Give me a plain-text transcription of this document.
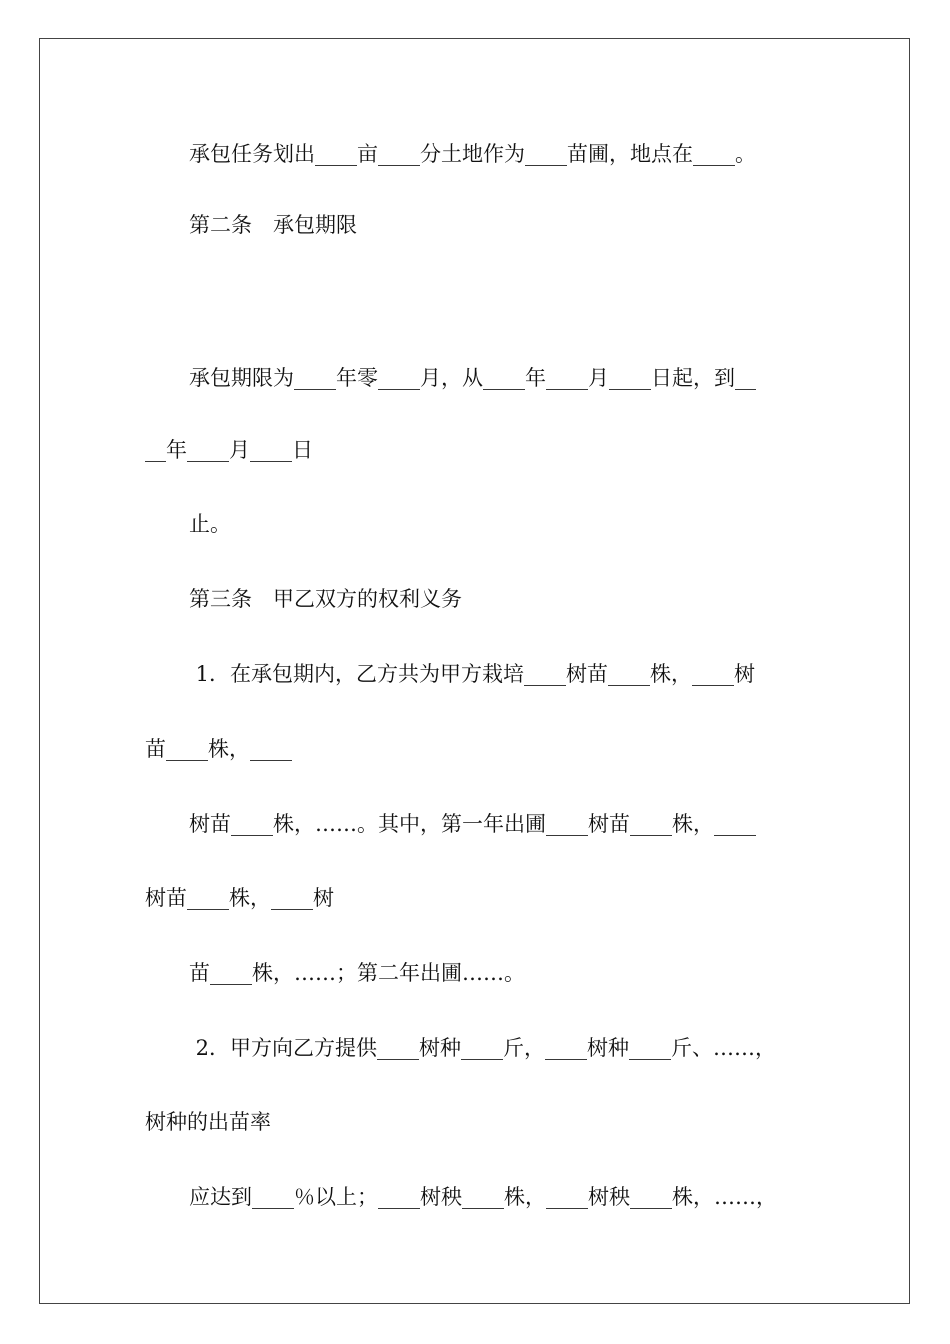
承包任务划出____亩____分土地作为____苗圃，地点在____。
第二条　承包期限
承包期限为____年零____月，从____年____月____日起，到__
__年____月____日
止。
第三条　甲乙双方的权利义务
1．在承包期内，乙方共为甲方栽培____树苗____株，____树
苗____株，____
树苗____株，……。其中，第一年出圃____树苗____株，____
树苗____株，____树
苗____株，……；第二年出圃……。
2．甲方向乙方提供____树种____斤，____树种____斤、……，
树种的出苗率
应达到____％以上；____树秧____株，____树秧____株，……，
